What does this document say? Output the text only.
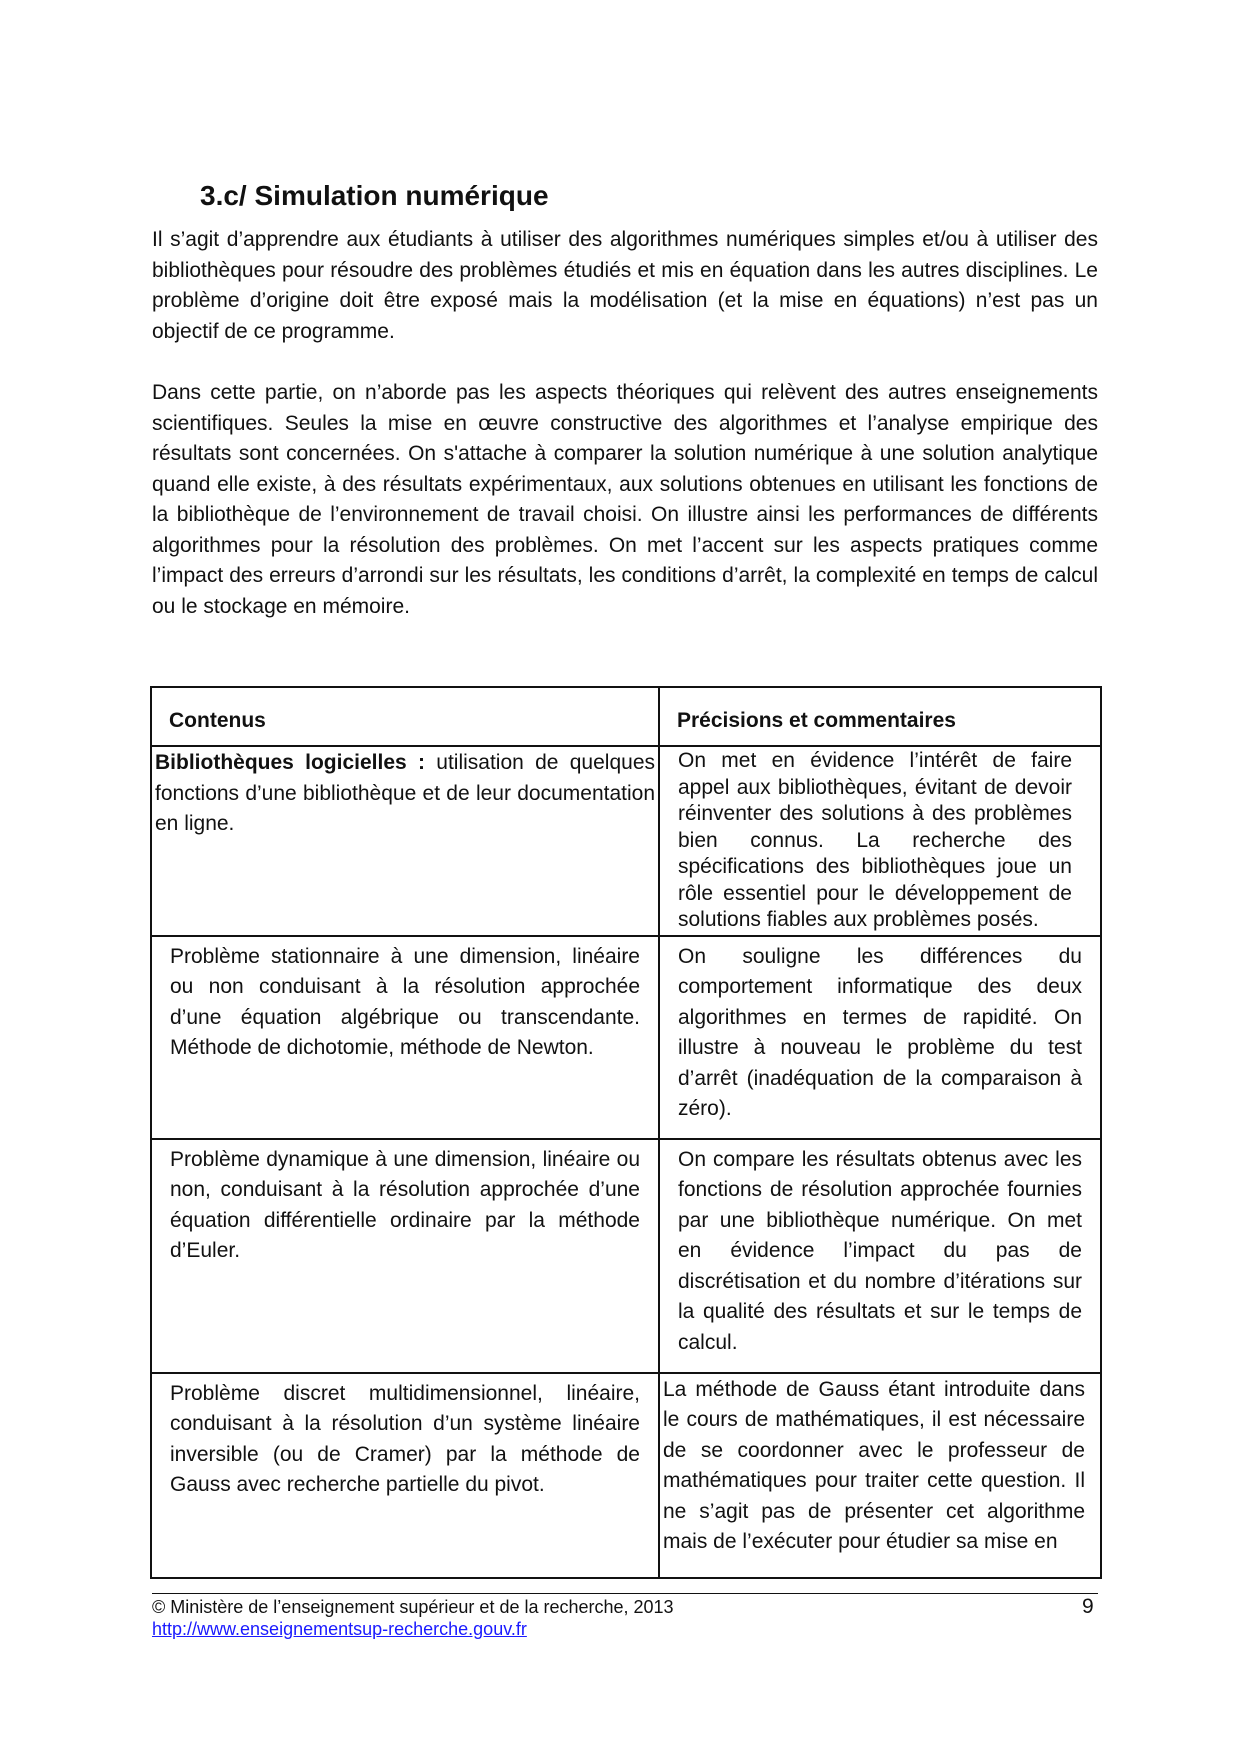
3.c/ Simulation numérique

Il s’agit d’apprendre aux étudiants à utiliser des algorithmes numériques simples et/ou à utiliser des bibliothèques pour résoudre des problèmes étudiés et mis en équation dans les autres disciplines. Le problème d’origine doit être exposé mais la modélisation (et la mise en équations) n’est pas un objectif de ce programme.

Dans cette partie, on n’aborde pas les aspects théoriques qui relèvent des autres enseignements scientifiques. Seules la mise en œuvre constructive des algorithmes et l’analyse empirique des résultats sont concernées. On s'attache à comparer la solution numérique à une solution analytique quand elle existe, à des résultats expérimentaux, aux solutions obtenues en utilisant les fonctions de la bibliothèque de l’environnement de travail choisi. On illustre ainsi les performances de différents algorithmes pour la résolution des problèmes. On met l’accent sur les aspects pratiques comme l’impact des erreurs d’arrondi sur les résultats, les conditions d’arrêt, la complexité en temps de calcul ou le stockage en mémoire.

Contenus	Précisions et commentaires

Bibliothèques logicielles : utilisation de quelques fonctions d’une bibliothèque et de leur documentation en ligne.	On met en évidence l’intérêt de faire appel aux bibliothèques, évitant de devoir réinventer des solutions à des problèmes bien connus. La recherche des spécifications des bibliothèques joue un rôle essentiel pour le développement de solutions fiables aux problèmes posés.

Problème stationnaire à une dimension, linéaire ou non conduisant à la résolution approchée d’une équation algébrique ou transcendante. Méthode de dichotomie, méthode de Newton.	On souligne les différences du comportement informatique des deux algorithmes en termes de rapidité. On illustre à nouveau le problème du test d’arrêt (inadéquation de la comparaison à zéro).

Problème dynamique à une dimension, linéaire ou non, conduisant à la résolution approchée d’une équation différentielle ordinaire par la méthode d’Euler.	On compare les résultats obtenus avec les fonctions de résolution approchée fournies par une bibliothèque numérique. On met en évidence l’impact du pas de discrétisation et du nombre d’itérations sur la qualité des résultats et sur le temps de calcul.

Problème discret multidimensionnel, linéaire, conduisant à la résolution d’un système linéaire inversible (ou de Cramer) par la méthode de Gauss avec recherche partielle du pivot.	La méthode de Gauss étant introduite dans le cours de mathématiques, il est nécessaire de se coordonner avec le professeur de mathématiques pour traiter cette question. Il ne s’agit pas de présenter cet algorithme mais de l’exécuter pour étudier sa mise en
© Ministère de l’enseignement supérieur et de la recherche, 2013
http://www.enseignementsup-recherche.gouv.fr
9
